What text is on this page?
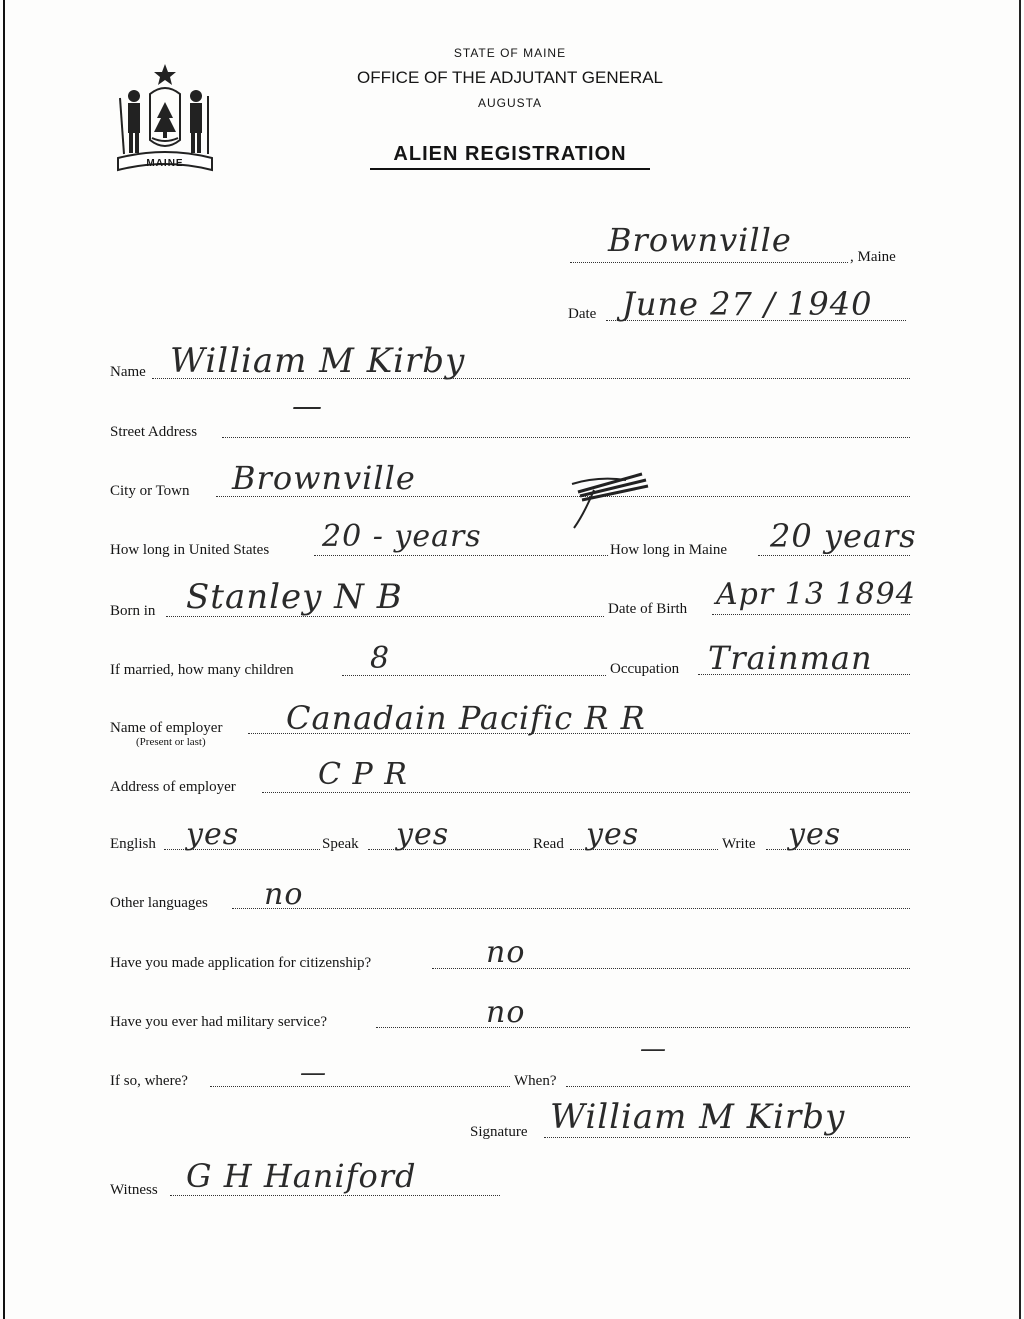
MAINE
STATE OF MAINE
OFFICE OF THE ADJUTANT GENERAL
AUGUSTA
ALIEN REGISTRATION
Brownville	, Maine
Date June 27 / 1940
Name William M Kirby
Street Address
—
City or Town Brownville
How long in United States 20 - years	How long in Maine 20 years
Born in Stanley N B	Date of Birth Apr 13 1894
If married, how many children	8	Occupation Trainman
Name of employer
(Present or last)
Canadain Pacific R R
Address of employer	C P R
English yes	Speak yes	Read yes	Write yes
Other languages no
Have you made application for citizenship?	no
Have you ever had military service?	no
If so, where?	—	When?
—
Signature William M Kirby
Witness G H Haniford
